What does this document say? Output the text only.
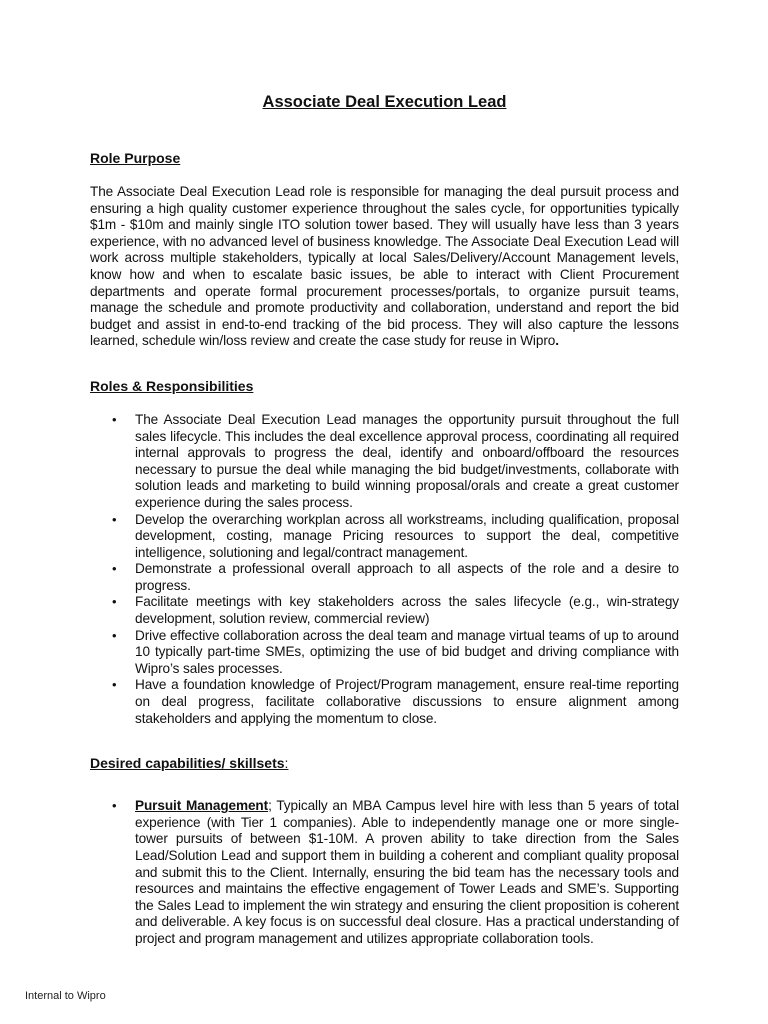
Associate Deal Execution Lead
Role Purpose

The Associate Deal Execution Lead role is responsible for managing the deal pursuit process and ensuring a high quality customer experience throughout the sales cycle, for opportunities typically $1m - $10m and mainly single ITO solution tower based. They will usually have less than 3 years experience, with no advanced level of business knowledge. The Associate Deal Execution Lead will work across multiple stakeholders, typically at local Sales/Delivery/Account Management levels, know how and when to escalate basic issues, be able to interact with Client Procurement departments and operate formal procurement processes/portals, to organize pursuit teams, manage the schedule and promote productivity and collaboration, understand and report the bid budget and assist in end-to-end tracking of the bid process. They will also capture the lessons learned, schedule win/loss review and create the case study for reuse in Wipro.

Roles & Responsibilities
• The Associate Deal Execution Lead manages the opportunity pursuit throughout the full sales lifecycle. This includes the deal excellence approval process, coordinating all required internal approvals to progress the deal, identify and onboard/offboard the resources necessary to pursue the deal while managing the bid budget/investments, collaborate with solution leads and marketing to build winning proposal/orals and create a great customer experience during the sales process.
• Develop the overarching workplan across all workstreams, including qualification, proposal development, costing, manage Pricing resources to support the deal, competitive intelligence, solutioning and legal/contract management.
• Demonstrate a professional overall approach to all aspects of the role and a desire to progress.
• Facilitate meetings with key stakeholders across the sales lifecycle (e.g., win-strategy development, solution review, commercial review)
• Drive effective collaboration across the deal team and manage virtual teams of up to around 10 typically part-time SMEs, optimizing the use of bid budget and driving compliance with Wipro’s sales processes.
• Have a foundation knowledge of Project/Program management, ensure real-time reporting on deal progress, facilitate collaborative discussions to ensure alignment among stakeholders and applying the momentum to close.
Desired capabilities/ skillsets:
• Pursuit Management; Typically an MBA Campus level hire with less than 5 years of total experience (with Tier 1 companies). Able to independently manage one or more single-tower pursuits of between $1-10M. A proven ability to take direction from the Sales Lead/Solution Lead and support them in building a coherent and compliant quality proposal and submit this to the Client. Internally, ensuring the bid team has the necessary tools and resources and maintains the effective engagement of Tower Leads and SME’s. Supporting the Sales Lead to implement the win strategy and ensuring the client proposition is coherent and deliverable. A key focus is on successful deal closure. Has a practical understanding of project and program management and utilizes appropriate collaboration tools.
Internal to Wipro
